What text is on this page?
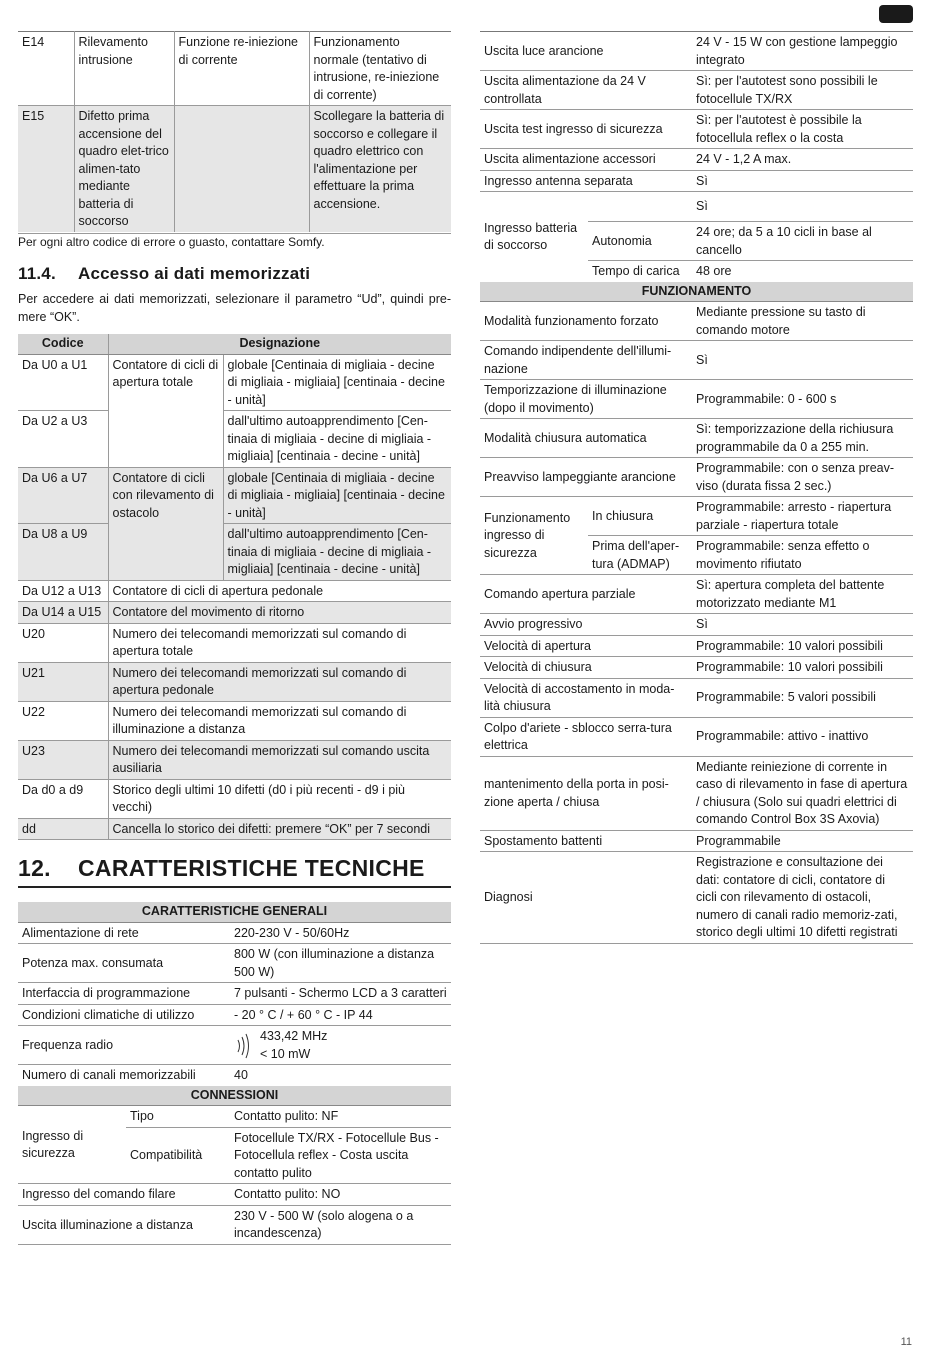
E14	Rilevamento intrusione	Funzione re-iniezione di corrente	Funzionamento normale (tentativo di intrusione, re-iniezione di corrente)
E15	Difetto prima accensione del quadro elet-trico alimen-tato mediante batteria di soccorso		Scollegare la batteria di soccorso e collegare il quadro elettrico con l'alimentazione per effettuare la prima accensione.
Per ogni altro codice di errore o guasto, contattare Somfy.
11.4. Accesso ai dati memorizzati
Per accedere ai dati memorizzati, selezionare il parametro “Ud”, quindi pre-mere “OK”.
Codice	Designazione	
Da U0 a U1	Contatore di cicli di apertura totale	globale [Centinaia di migliaia - decine di migliaia - migliaia] [centinaia - decine - unità]
Da U2 a U3		dall'ultimo autoapprendimento [Cen-tinaia di migliaia - decine di migliaia - migliaia] [centinaia - decine - unità]
Da U6 a U7	Contatore di cicli con rilevamento di ostacolo	globale [Centinaia di migliaia - decine di migliaia - migliaia] [centinaia - decine - unità]
Da U8 a U9		dall'ultimo autoapprendimento [Cen-tinaia di migliaia - decine di migliaia - migliaia] [centinaia - decine - unità]
Da U12 a U13	Contatore di cicli di apertura pedonale	
Da U14 a U15	Contatore del movimento di ritorno	
U20	Numero dei telecomandi memorizzati sul comando di apertura totale	
U21	Numero dei telecomandi memorizzati sul comando di apertura pedonale	
U22	Numero dei telecomandi memorizzati sul comando di illuminazione a distanza	
U23	Numero dei telecomandi memorizzati sul comando uscita ausiliaria	
Da d0 a d9	Storico degli ultimi 10 difetti (d0 i più recenti - d9 i più vecchi)	
dd	Cancella lo storico dei difetti: premere “OK” per 7 secondi	
12. CARATTERISTICHE TECNICHE
CARATTERISTICHE GENERALI		
Alimentazione di rete		220-230 V - 50/60Hz
Potenza max. consumata		800 W (con illuminazione a distanza 500 W)
Interfaccia di programmazione		7 pulsanti - Schermo LCD a 3 caratteri
Condizioni climatiche di utilizzo		- 20 ° C / + 60 ° C - IP 44
Frequenza radio		433,42 MHz
< 10 mW

Numero di canali memorizzabili		40
CONNESSIONI		
Ingresso di sicurezza	Tipo	Contatto pulito: NF
	Compatibilità	Fotocellule TX/RX - Fotocellule Bus - Fotocellula reflex - Costa uscita contatto pulito
Ingresso del comando filare		Contatto pulito: NO
Uscita illuminazione a distanza		230 V - 500 W (solo alogena o a incandescenza)
Uscita luce arancione		24 V - 15 W con gestione lampeggio integrato
Uscita alimentazione da 24 V controllata		Sì: per l'autotest sono possibili le fotocellule TX/RX
Uscita test ingresso di sicurezza		Sì: per l'autotest è possibile la fotocellula reflex o la costa
Uscita alimentazione accessori		24 V - 1,2 A max.
Ingresso antenna separata		Sì
Ingresso batteria di soccorso		Sì
	Autonomia	24 ore; da 5 a 10 cicli in base al cancello
	Tempo di carica	48 ore
FUNZIONAMENTO		
Modalità funzionamento forzato		Mediante pressione su tasto di comando motore
Comando indipendente dell'illumi-nazione		Sì
Temporizzazione di illuminazione (dopo il movimento)		Programmabile: 0 - 600 s
Modalità chiusura automatica		Sì: temporizzazione della richiusura programmabile da 0 a 255 min.
Preavviso lampeggiante arancione		Programmabile: con o senza preav-viso (durata fissa 2 sec.)
Funzionamento ingresso di sicurezza	In chiusura	Programmabile: arresto - riapertura parziale - riapertura totale
	Prima dell'aper-tura (ADMAP)	Programmabile: senza effetto o movimento rifiutato
Comando apertura parziale		Sì: apertura completa del battente motorizzato mediante M1
Avvio progressivo		Sì
Velocità di apertura		Programmabile: 10 valori possibili
Velocità di chiusura		Programmabile: 10 valori possibili
Velocità di accostamento in moda-lità chiusura		Programmabile: 5 valori possibili
Colpo d'ariete - sblocco serra-tura elettrica		Programmabile: attivo - inattivo
mantenimento della porta in posi-zione aperta / chiusa		Mediante reiniezione di corrente in caso di rilevamento in fase di apertura / chiusura (Solo sui quadri elettrici di comando Control Box 3S Axovia)
Spostamento battenti		Programmabile
Diagnosi		Registrazione e consultazione dei dati: contatore di cicli, contatore di cicli con rilevamento di ostacoli, numero di canali radio memoriz-zati, storico degli ultimi 10 difetti registrati
11
